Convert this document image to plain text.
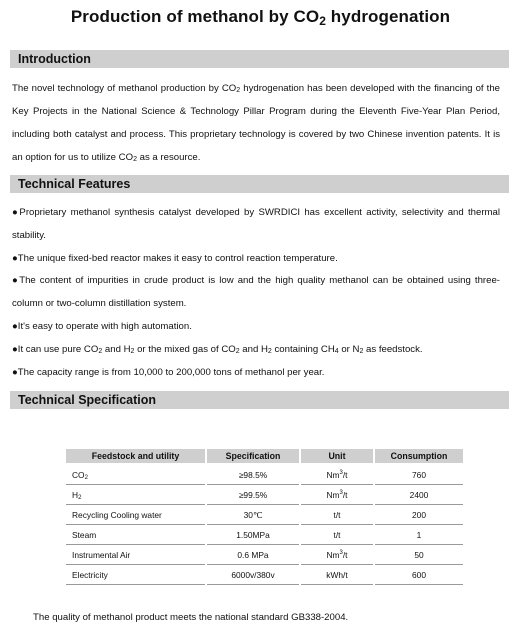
Production of methanol by $CO_2$ hydrogenation
Introduction
The novel technology of methanol production by $CO_2$ hydrogenation has been developed with the financing of the Key Projects in the National Science & Technology Pillar Program during the Eleventh Five-Year Plan Period, including both catalyst and process. This proprietary technology is covered by two Chinese invention patents. It is an option for us to utilize $CO_2$ as a resource.
Technical Features
●Proprietary methanol synthesis catalyst developed by SWRDICI has excellent activity, selectivity and thermal stability.
●The unique fixed-bed reactor makes it easy to control reaction temperature.
●The content of impurities in crude product is low and the high quality methanol can be obtained using three-column or two-column distillation system.
●It's easy to operate with high automation.
●It can use pure $CO_2$ and $H_2$ or the mixed gas of $CO_2$ and $H_2$ containing $CH_4$ or $N_2$ as feedstock.
●The capacity range is from 10,000 to 200,000 tons of methanol per year.
Technical Specification
Feedstock and utility	Specification	Unit	Consumption
$CO_2$	≥98.5%	Nm$^3$/t	760
$H_2$	≥99.5%	Nm$^3$/t	2400
Recycling Cooling water	30℃	t/t	200
Steam	1.50MPa	t/t	1
Instrumental Air	0.6 MPa	Nm$^3$/t	50
Electricity	6000v/380v	kWh/t	600
The quality of methanol product meets the national standard GB338-2004.
